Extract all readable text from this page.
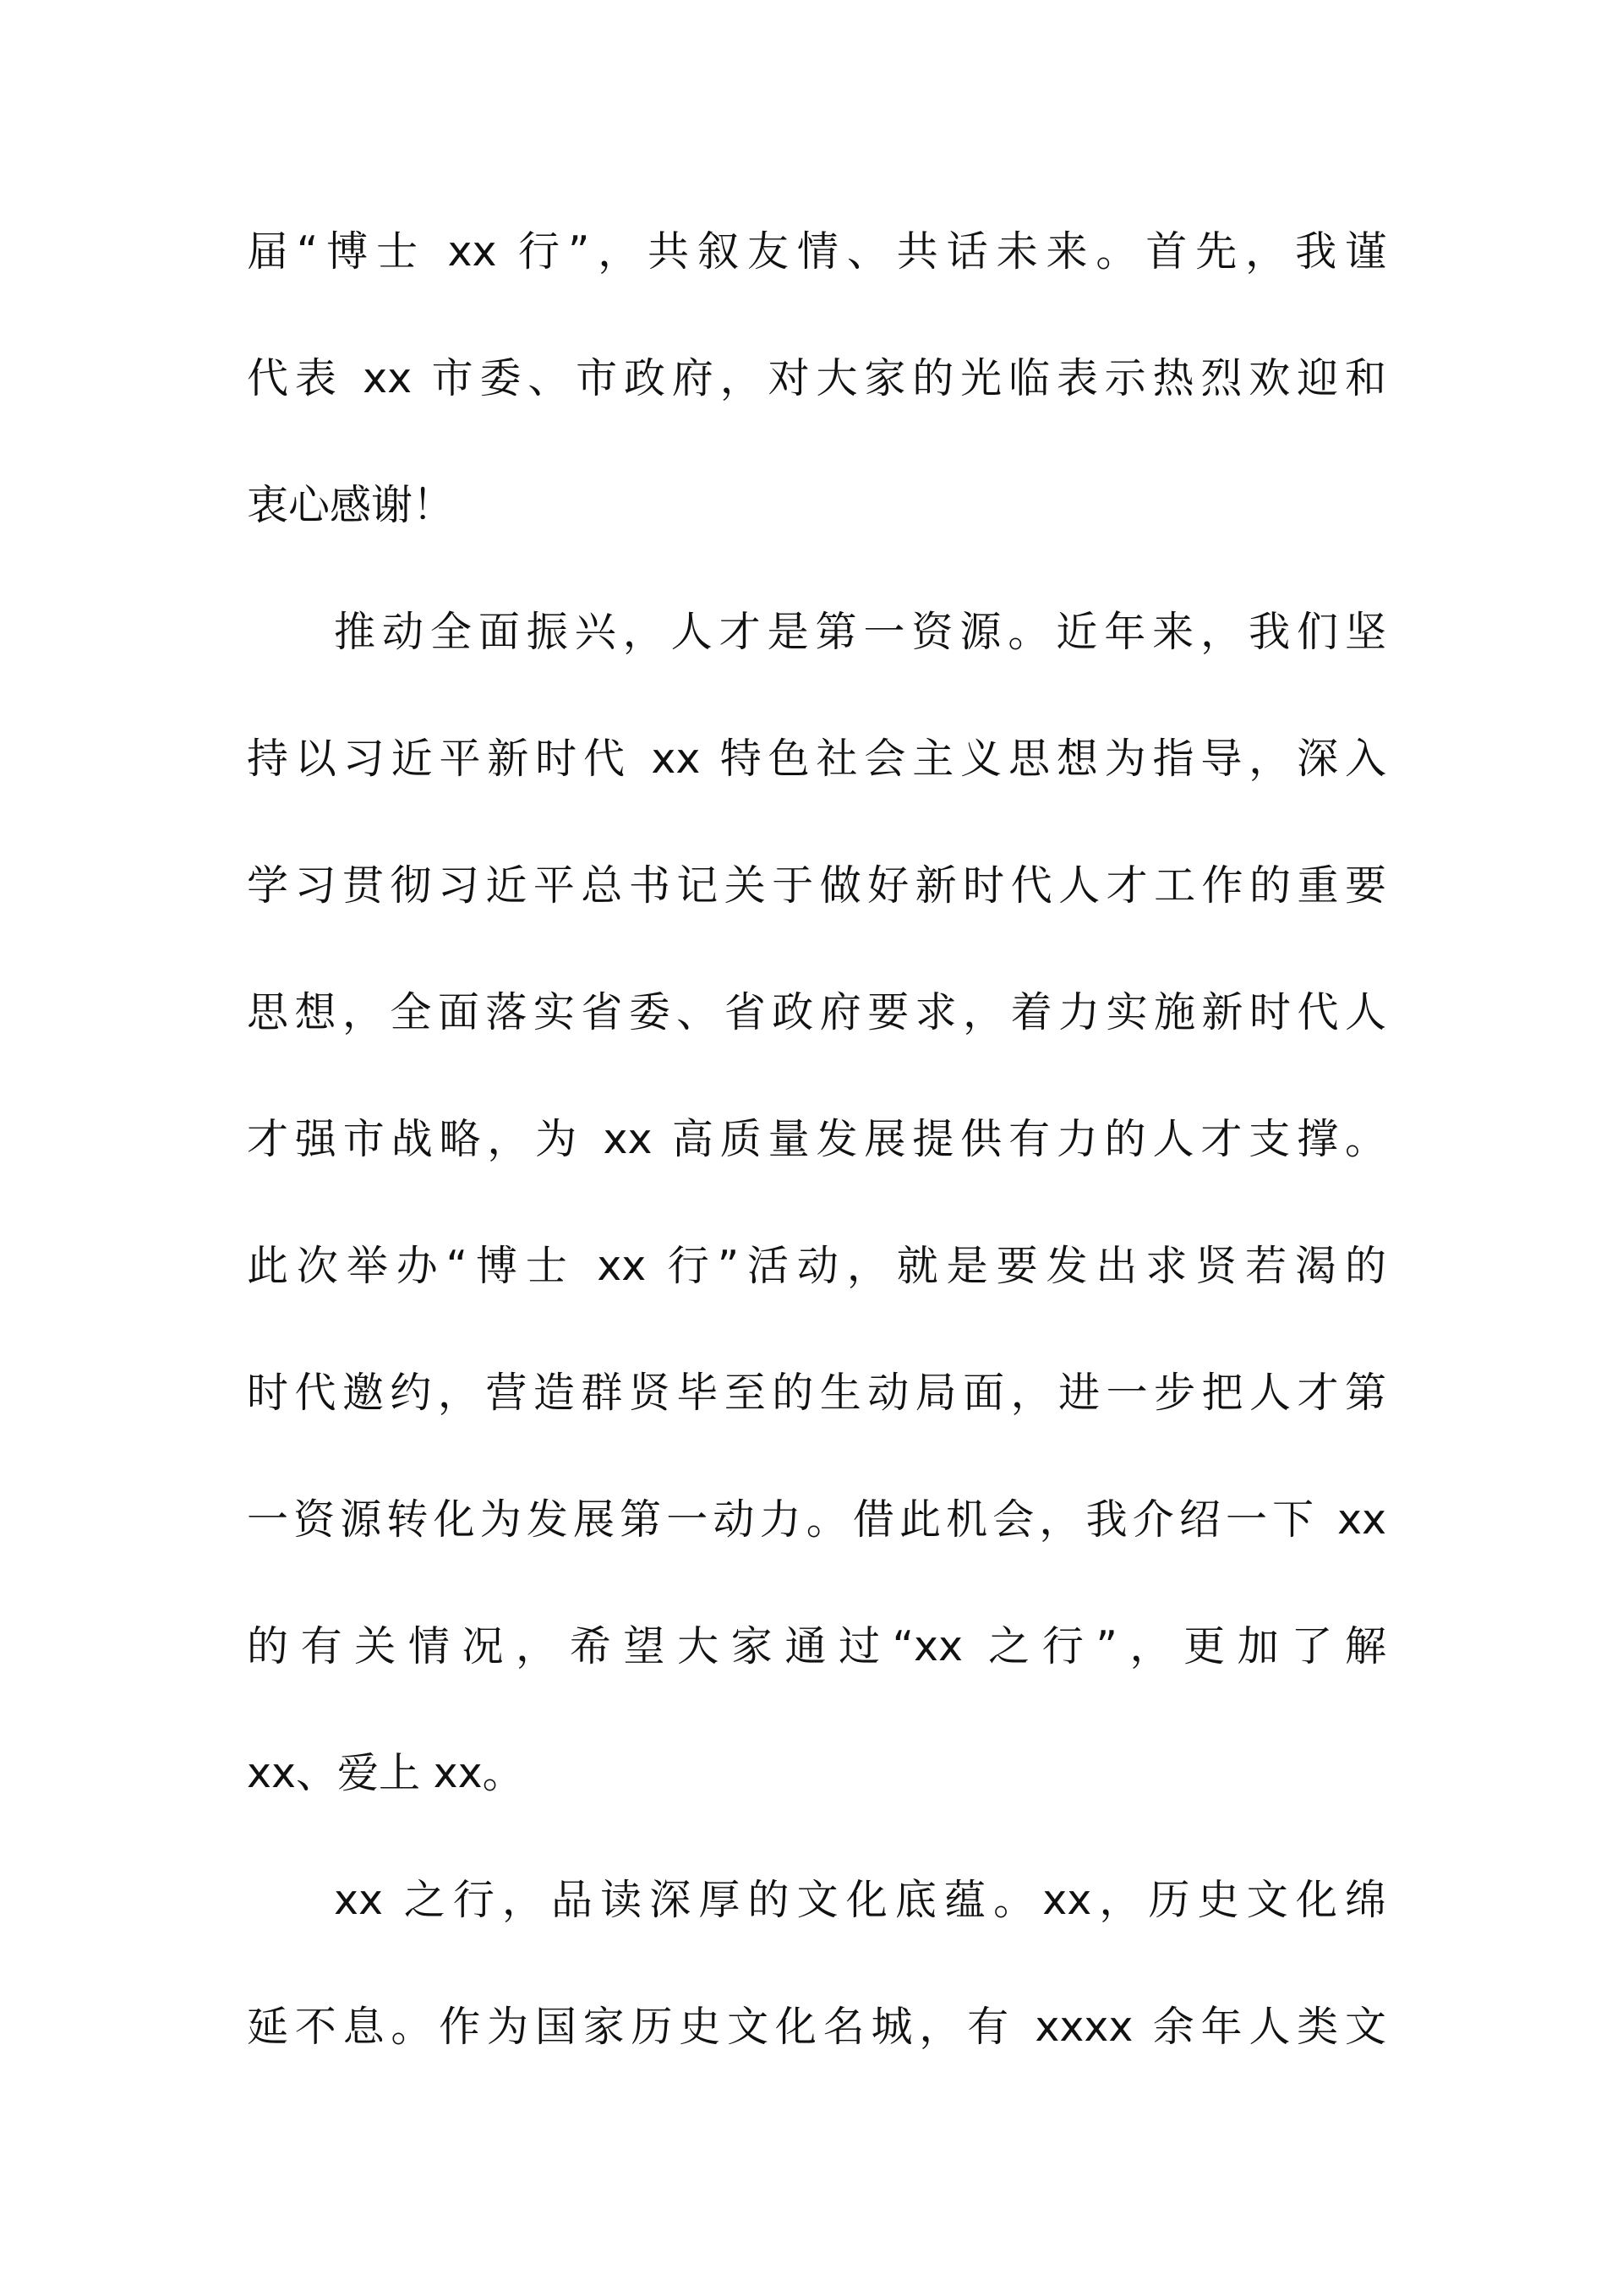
届“博士 xx 行”，共叙友情、共话未来。首先，我谨
代表 xx 市委、市政府，对大家的光临表示热烈欢迎和
衷心感谢！
推动全面振兴，人才是第一资源。近年来，我们坚
持以习近平新时代 xx 特色社会主义思想为指导，深入
学习贯彻习近平总书记关于做好新时代人才工作的重要
思想，全面落实省委、省政府要求，着力实施新时代人
才强市战略，为 xx 高质量发展提供有力的人才支撑。
此次举办“博士 xx 行”活动，就是要发出求贤若渴的
时代邀约，营造群贤毕至的生动局面，进一步把人才第
一资源转化为发展第一动力。借此机会，我介绍一下 xx
的有关情况，希望大家通过“xx 之行”，更加了解
xx、爱上 xx。
xx 之行，品读深厚的文化底蕴。xx，历史文化绵
延不息。作为国家历史文化名城，有 xxxx 余年人类文
